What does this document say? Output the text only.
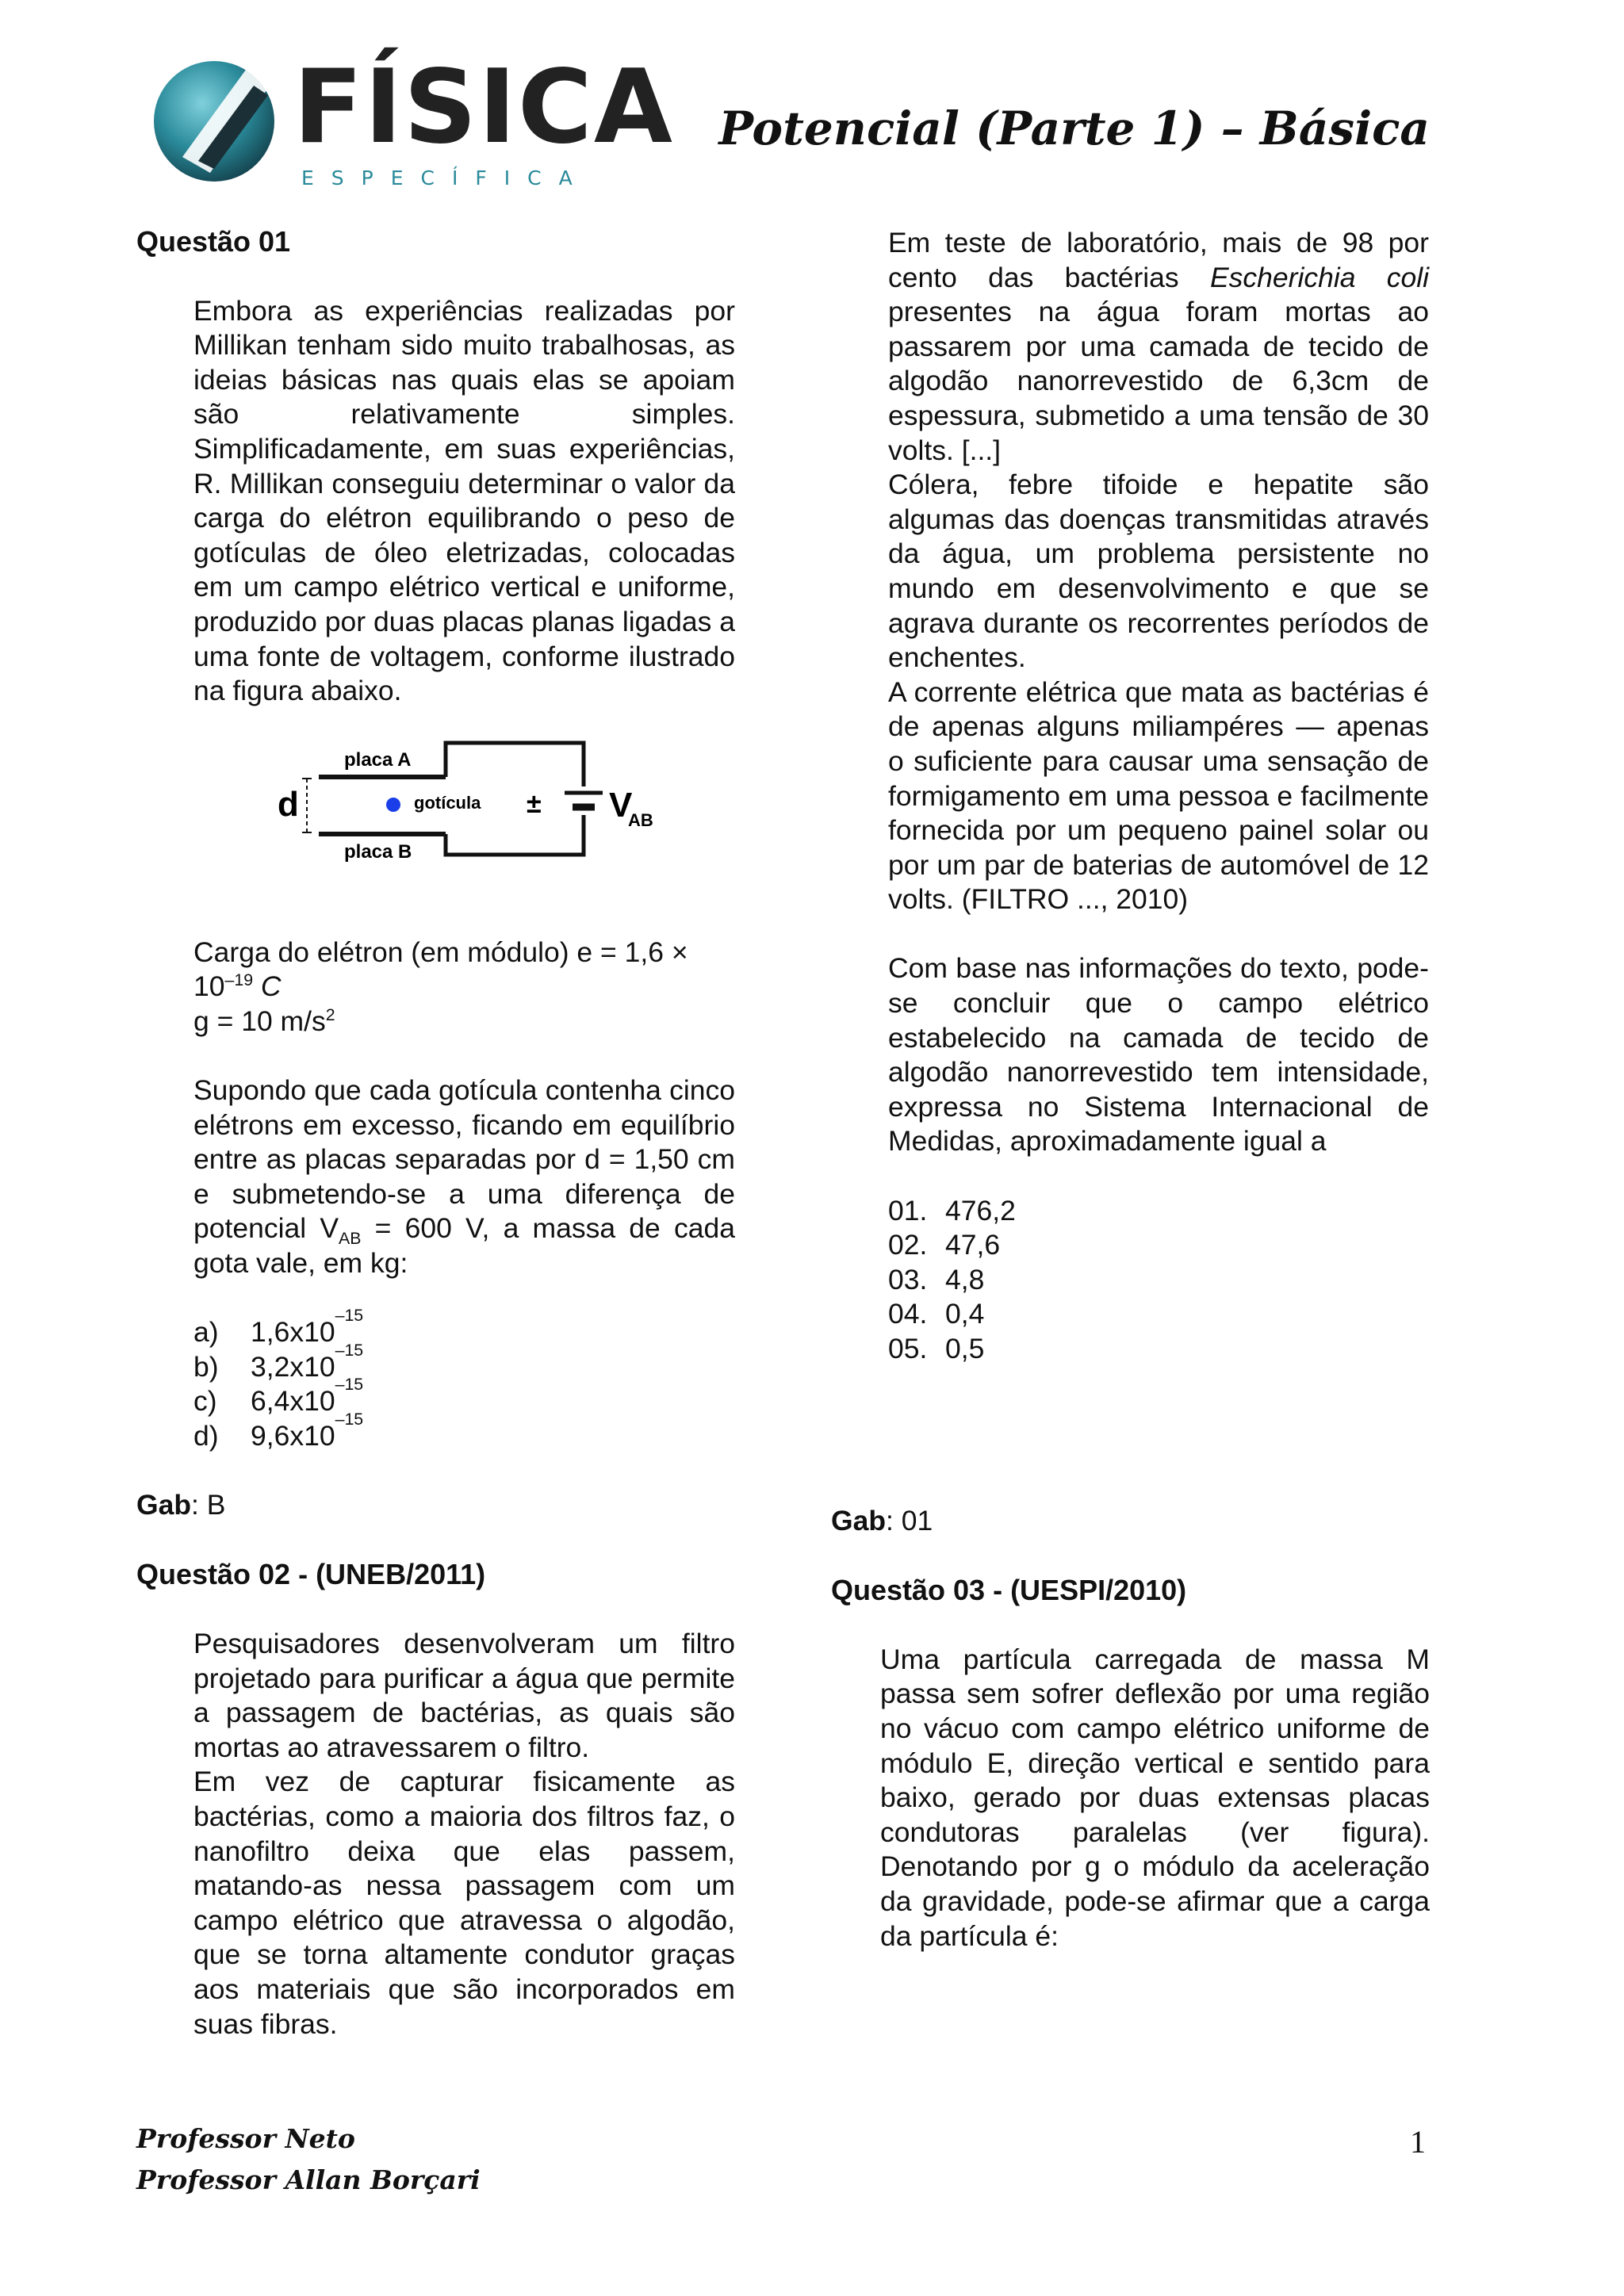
FÍSICA
ESPECÍFICA
Potencial (Parte 1) – Básica
Questão 01

Embora as experiências realizadas por Millikan tenham sido muito trabalhosas, as ideias básicas nas quais elas se apoiam são relativamente simples. Simplificadamente, em suas experiências, R. Millikan conseguiu determinar o valor da carga do elétron equilibrando o peso de gotículas de óleo eletrizadas, colocadas em um campo elétrico vertical e uniforme, produzido por duas placas planas ligadas a uma fonte de voltagem, conforme ilustrado na figura abaixo.

placa A
placa B
gotícula
d	± V
AB

Carga do elétron (em módulo) e = 1,6 ×

$10^{-19}$ C

g = 10 $m/s^2$

Supondo que cada gotícula contenha cinco elétrons em excesso, ficando em equilíbrio entre as placas separadas por d = 1,50 cm e submetendo-se a uma diferença de potencial $V_{AB} = 600$ V, a massa de cada gota vale, em kg:

a)	1,6x10
–15
b)	3,2x10
–15
c)	6,4x10
–15
d)	9,6x10
–15

Gab: B

Questão 02 - (UNEB/2011)

Pesquisadores desenvolveram um filtro projetado para purificar a água que permite a passagem de bactérias, as quais são mortas ao atravessarem o filtro.

Em vez de capturar fisicamente as bactérias, como a maioria dos filtros faz, o nanofiltro deixa que elas passem, matando-as nessa passagem com um campo elétrico que atravessa o algodão, que se torna altamente condutor graças aos materiais que são incorporados em suas fibras.

Em teste de laboratório, mais de 98 por cento das bactérias Escherichia coli presentes na água foram mortas ao passarem por uma camada de tecido de algodão nanorrevestido de 6,3cm de espessura, submetido a uma tensão de 30 volts. [...]

Cólera, febre tifoide e hepatite são algumas das doenças transmitidas através da água, um problema persistente no mundo em desenvolvimento e que se agrava durante os recorrentes períodos de enchentes.

A corrente elétrica que mata as bactérias é de apenas alguns miliampéres — apenas o suficiente para causar uma sensação de formigamento em uma pessoa e facilmente fornecida por um pequeno painel solar ou por um par de baterias de automóvel de 12 volts. (FILTRO ..., 2010)

Com base nas informações do texto, pode-se concluir que o campo elétrico estabelecido na camada de tecido de algodão nanorrevestido tem intensidade, expressa no Sistema Internacional de Medidas, aproximadamente igual a

01. 476,2
02. 47,6
03. 4,8
04. 0,4
05. 0,5

Gab: 01

Questão 03 - (UESPI/2010)

Uma partícula carregada de massa M passa sem sofrer deflexão por uma região no vácuo com campo elétrico uniforme de módulo E, direção vertical e sentido para baixo, gerado por duas extensas placas condutoras paralelas (ver figura). Denotando por g o módulo da aceleração da gravidade, pode-se afirmar que a carga da partícula é:

Professor Neto
Professor Allan Borçari
1
